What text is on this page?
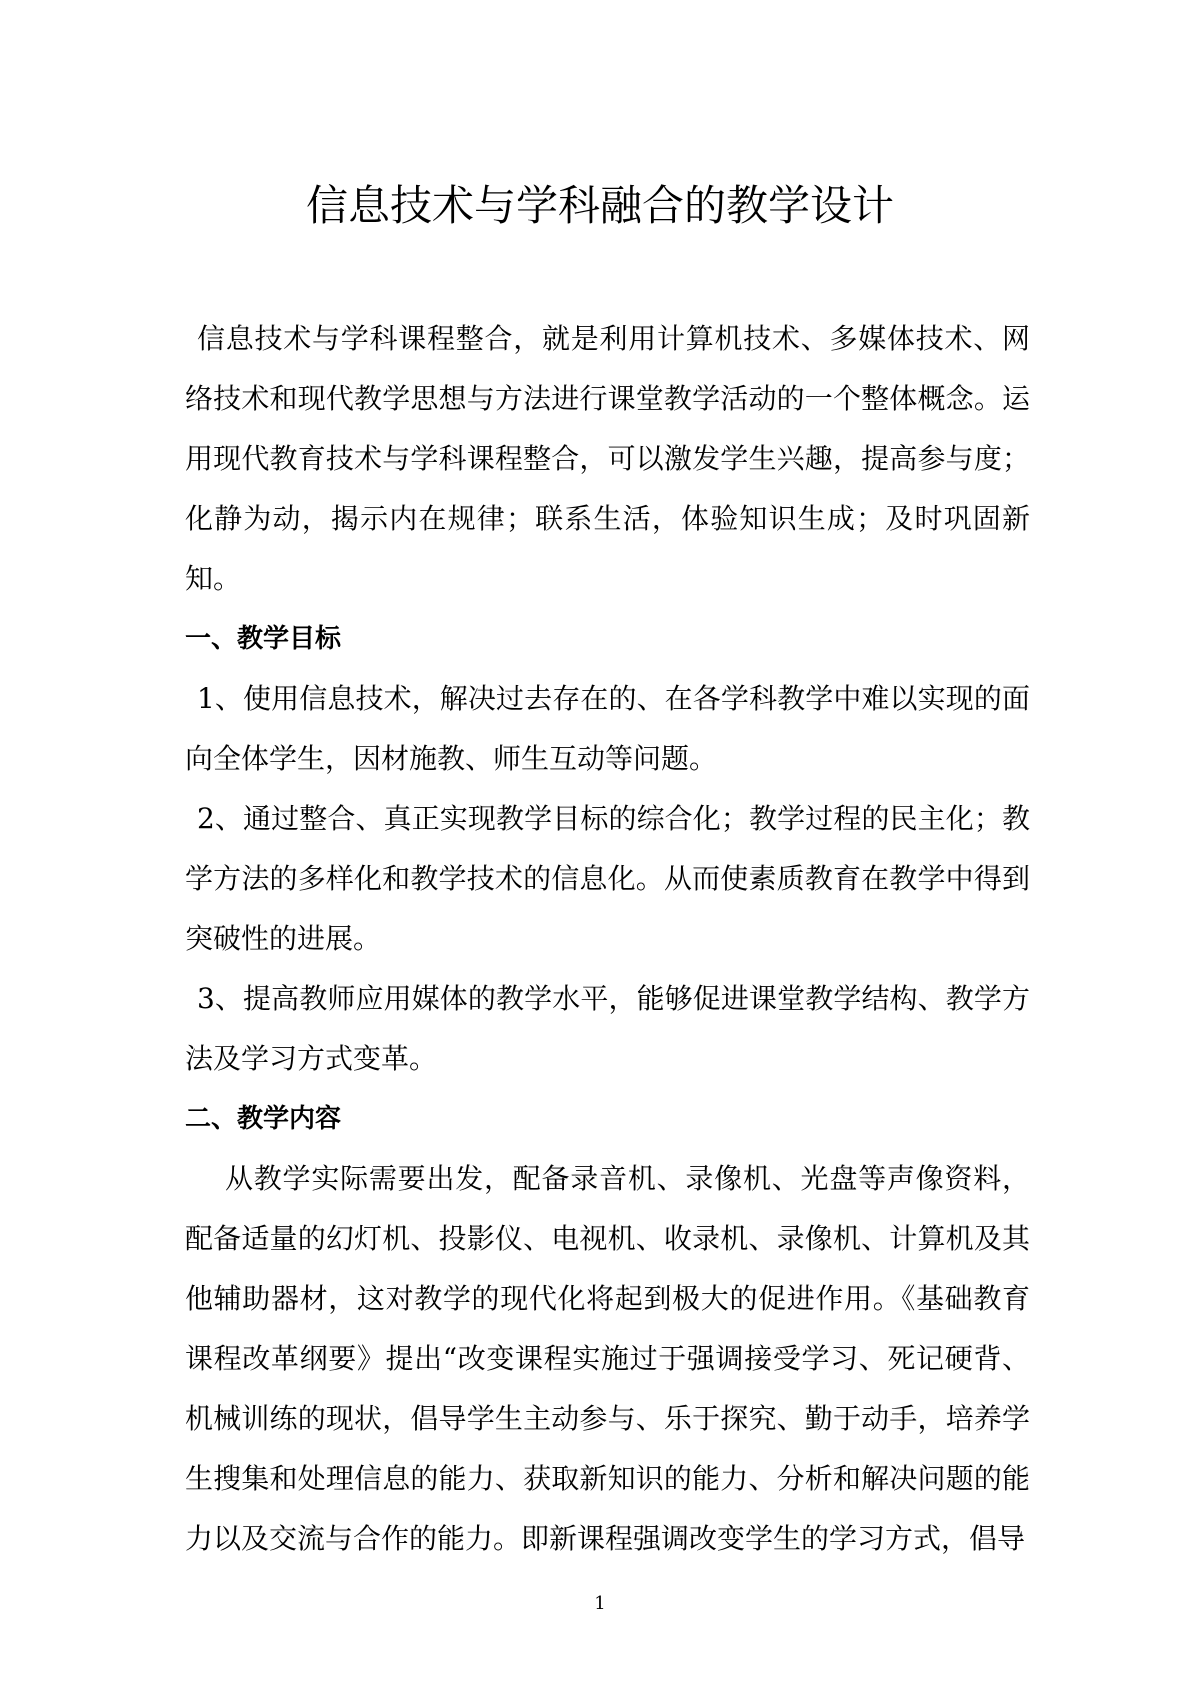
信息技术与学科融合的教学设计

信息技术与学科课程整合，就是利用计算机技术、多媒体技术、网络技术和现代教学思想与方法进行课堂教学活动的一个整体概念。运用现代教育技术与学科课程整合，可以激发学生兴趣，提高参与度；化静为动，揭示内在规律；联系生活，体验知识生成；及时巩固新知。

一、教学目标

1、使用信息技术，解决过去存在的、在各学科教学中难以实现的面向全体学生，因材施教、师生互动等问题。

2、通过整合、真正实现教学目标的综合化；教学过程的民主化；教学方法的多样化和教学技术的信息化。从而使素质教育在教学中得到突破性的进展。

3、提高教师应用媒体的教学水平，能够促进课堂教学结构、教学方法及学习方式变革。

二、教学内容

从教学实际需要出发，配备录音机、录像机、光盘等声像资料，配备适量的幻灯机、投影仪、电视机、收录机、录像机、计算机及其他辅助器材，这对教学的现代化将起到极大的促进作用。《基础教育课程改革纲要》提出“改变课程实施过于强调接受学习、死记硬背、机械训练的现状，倡导学生主动参与、乐于探究、勤于动手，培养学生搜集和处理信息的能力、获取新知识的能力、分析和解决问题的能力以及交流与合作的能力。即新课程强调改变学生的学习方式，倡导

1
